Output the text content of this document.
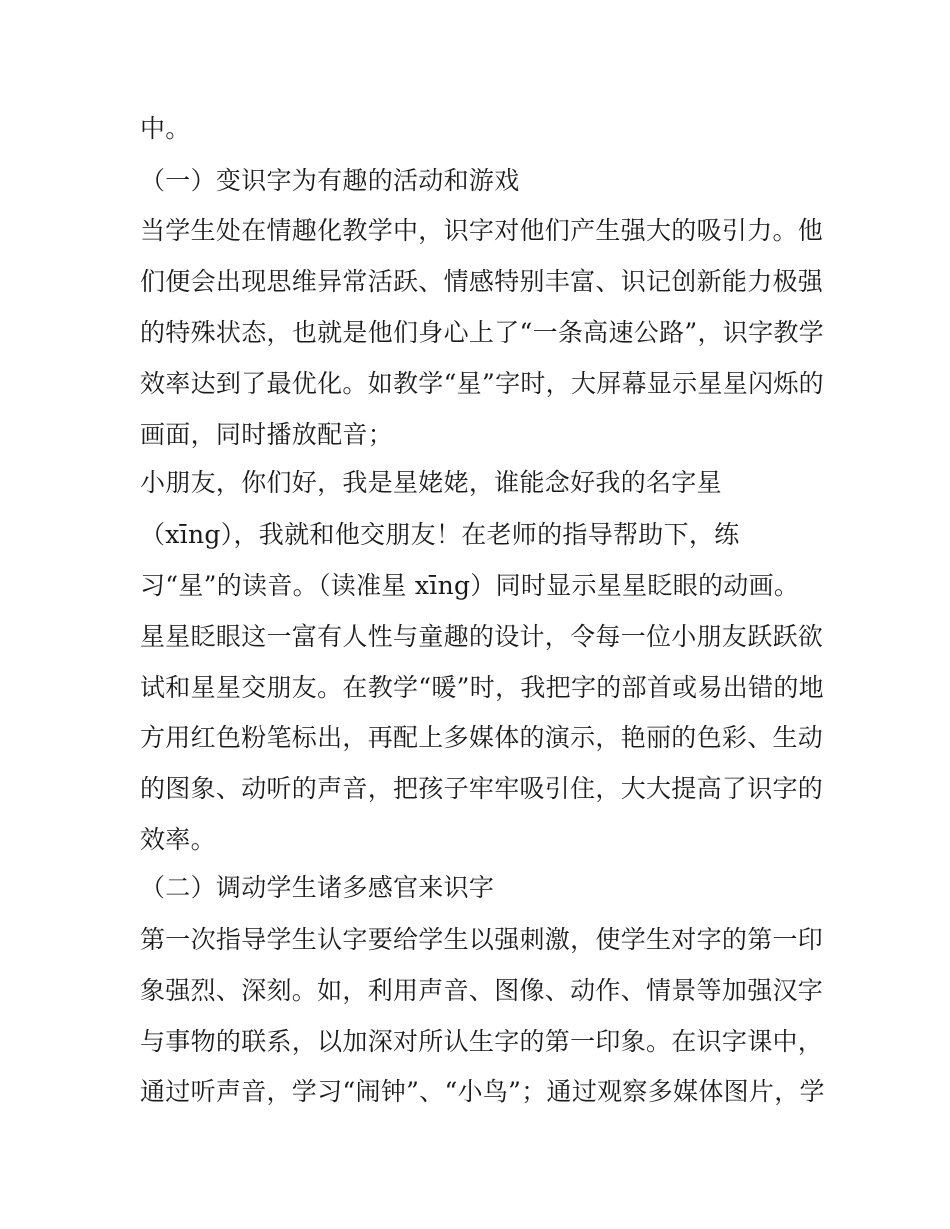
中。
（一）变识字为有趣的活动和游戏
当学生处在情趣化教学中，识字对他们产生强大的吸引力。他
们便会出现思维异常活跃、情感特别丰富、识记创新能力极强
的特殊状态，也就是他们身心上了“一条高速公路”，识字教学
效率达到了最优化。如教学“星”字时，大屏幕显示星星闪烁的
画面，同时播放配音；
小朋友，你们好，我是星姥姥，谁能念好我的名字星
（xīng），我就和他交朋友！在老师的指导帮助下，练
习“星”的读音。（读准星 xīng）同时显示星星眨眼的动画。
星星眨眼这一富有人性与童趣的设计，令每一位小朋友跃跃欲
试和星星交朋友。在教学“暖”时，我把字的部首或易出错的地
方用红色粉笔标出，再配上多媒体的演示，艳丽的色彩、生动
的图象、动听的声音，把孩子牢牢吸引住，大大提高了识字的
效率。
（二）调动学生诸多感官来识字
第一次指导学生认字要给学生以强刺激，使学生对字的第一印
象强烈、深刻。如，利用声音、图像、动作、情景等加强汉字
与事物的联系，以加深对所认生字的第一印象。在识字课中，
通过听声音，学习“闹钟”、“小鸟”；通过观察多媒体图片，学
